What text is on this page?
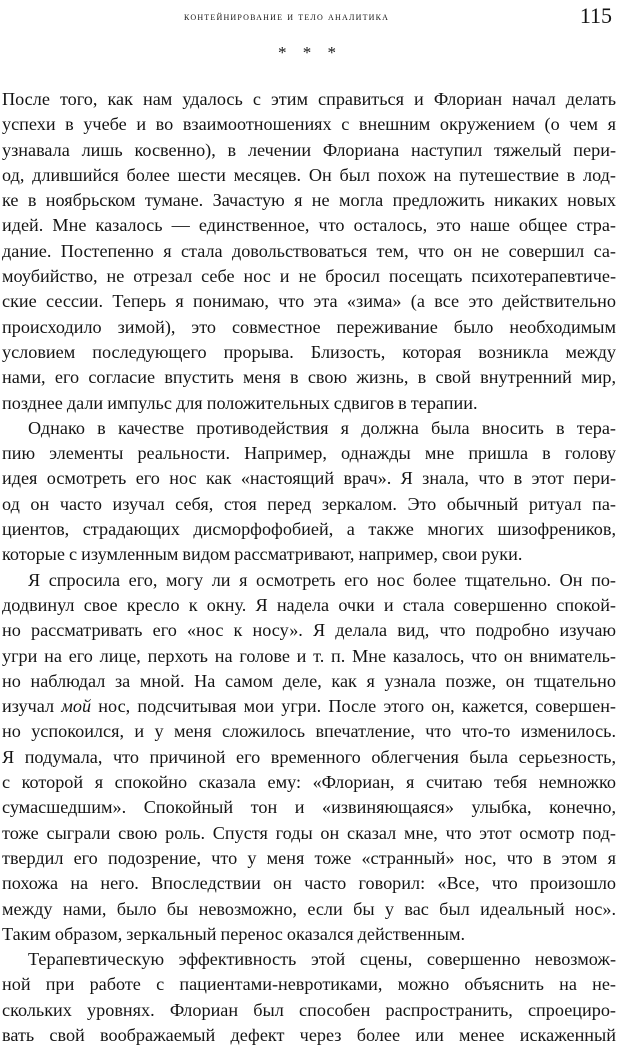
контейнирование и тело аналитика	115
* * *
После того, как нам удалось с этим справиться и Флориан начал делать
успехи в учебе и во взаимоотношениях с внешним окружением (о чем я
узнавала лишь косвенно), в лечении Флориана наступил тяжелый пери-
од, длившийся более шести месяцев. Он был похож на путешествие в лод-
ке в ноябрьском тумане. Зачастую я не могла предложить никаких новых
идей. Мне казалось — единственное, что осталось, это наше общее стра-
дание. Постепенно я стала довольствоваться тем, что он не совершил са-
моубийство, не отрезал себе нос и не бросил посещать психотерапевтиче-
ские сессии. Теперь я понимаю, что эта «зима» (а все это действительно
происходило зимой), это совместное переживание было необходимым
условием последующего прорыва. Близость, которая возникла между
нами, его согласие впустить меня в свою жизнь, в свой внутренний мир,
позднее дали импульс для положительных сдвигов в терапии.
Однако в качестве противодействия я должна была вносить в тера-
пию элементы реальности. Например, однажды мне пришла в голову
идея осмотреть его нос как «настоящий врач». Я знала, что в этот пери-
од он часто изучал себя, стоя перед зеркалом. Это обычный ритуал па-
циентов, страдающих дисморфофобией, а также многих шизофреников,
которые с изумленным видом рассматривают, например, свои руки.
Я спросила его, могу ли я осмотреть его нос более тщательно. Он по-
додвинул свое кресло к окну. Я надела очки и стала совершенно спокой-
но рассматривать его «нос к носу». Я делала вид, что подробно изучаю
угри на его лице, перхоть на голове и т. п. Мне казалось, что он вниматель-
но наблюдал за мной. На самом деле, как я узнала позже, он тщательно
изучал мой нос, подсчитывая мои угри. После этого он, кажется, совершен-
но успокоился, и у меня сложилось впечатление, что что-то изменилось.
Я подумала, что причиной его временного облегчения была серьезность,
с которой я спокойно сказала ему: «Флориан, я считаю тебя немножко
сумасшедшим». Спокойный тон и «извиняющаяся» улыбка, конечно,
тоже сыграли свою роль. Спустя годы он сказал мне, что этот осмотр под-
твердил его подозрение, что у меня тоже «странный» нос, что в этом я
похожа на него. Впоследствии он часто говорил: «Все, что произошло
между нами, было бы невозможно, если бы у вас был идеальный нос».
Таким образом, зеркальный перенос оказался действенным.
Терапевтическую эффективность этой сцены, совершенно невозмож-
ной при работе с пациентами-невротиками, можно объяснить на не-
скольких уровнях. Флориан был способен распространить, спроециро-
вать свой воображаемый дефект через более или менее искаженный
